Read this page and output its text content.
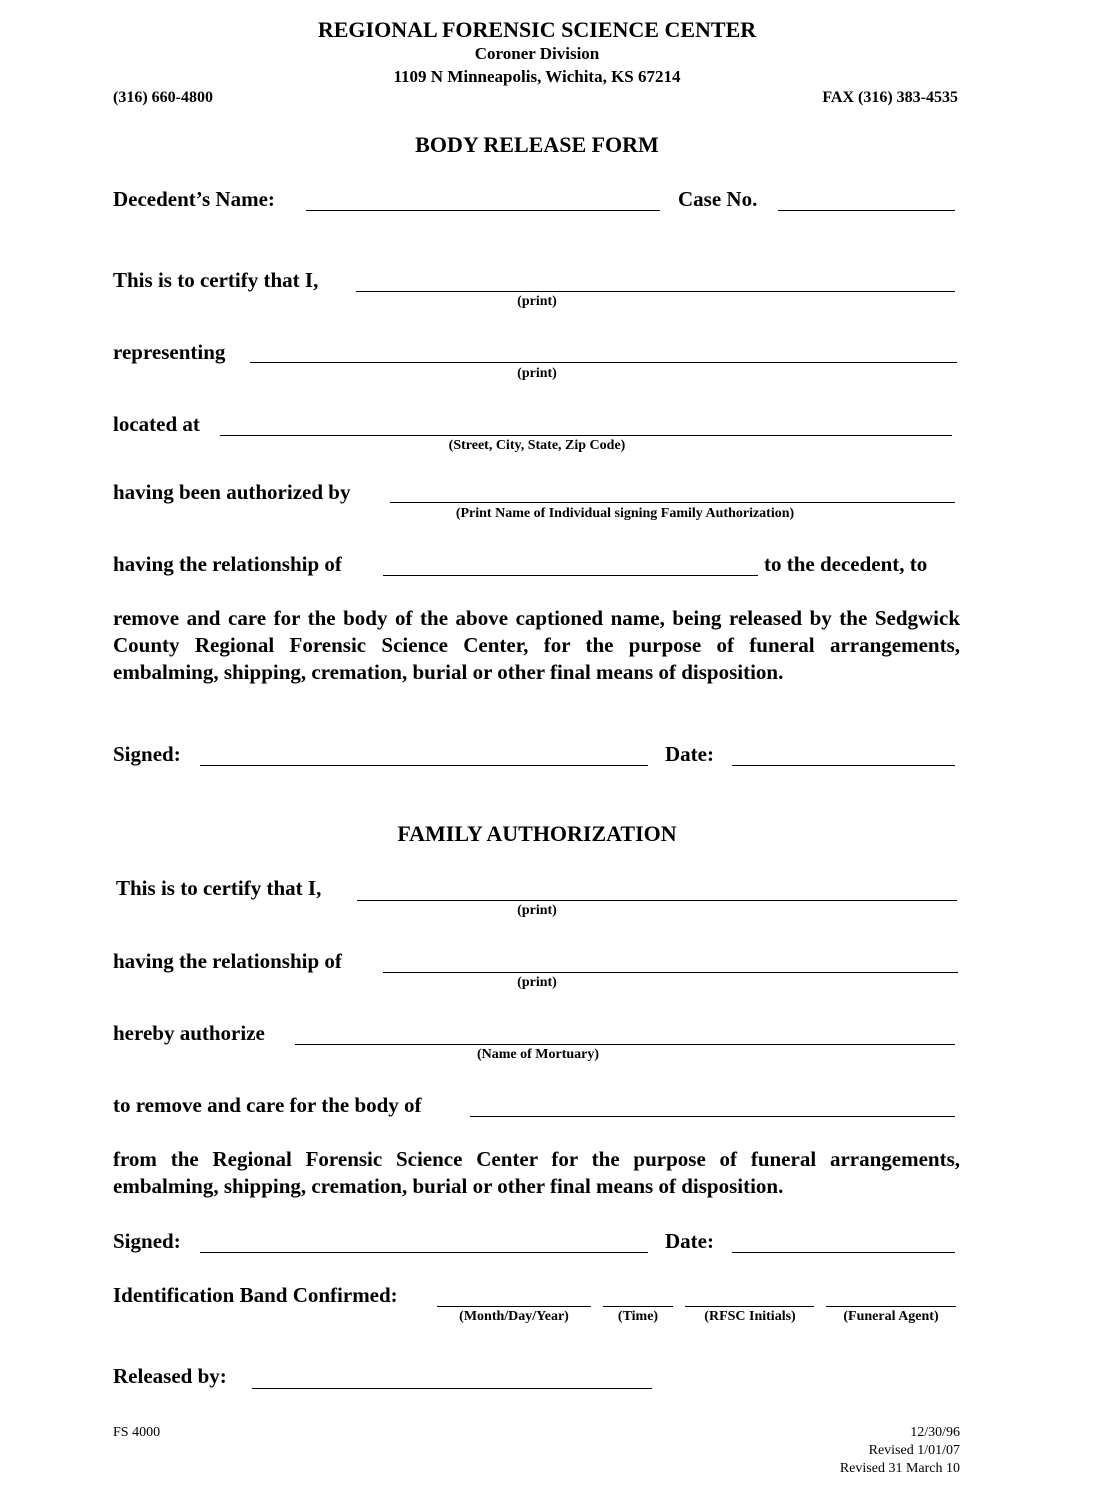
REGIONAL FORENSIC SCIENCE CENTER
Coroner Division
1109 N Minneapolis, Wichita, KS 67214
(316) 660-4800	FAX (316) 383-4535
BODY RELEASE FORM
Decedent’s Name:	Case No.
This is to certify that I,
(print)
representing
(print)
located at
(Street, City, State, Zip Code)
having been authorized by
(Print Name of Individual signing Family Authorization)
having the relationship of	to the decedent, to
remove and care for the body of the above captioned name, being released by the Sedgwick County Regional Forensic Science Center, for the purpose of funeral arrangements, embalming, shipping, cremation, burial or other final means of disposition.
Signed:	Date:
FAMILY AUTHORIZATION
This is to certify that I,
(print)
having the relationship of
(print)
hereby authorize
(Name of Mortuary)
to remove and care for the body of
from the Regional Forensic Science Center for the purpose of funeral arrangements, embalming, shipping, cremation, burial or other final means of disposition.
Signed:	Date:
Identification Band Confirmed:
(Month/Day/Year)	(Time)	(RFSC Initials)	(Funeral Agent)
Released by:
FS 4000	12/30/96
Revised 1/01/07
Revised 31 March 10
